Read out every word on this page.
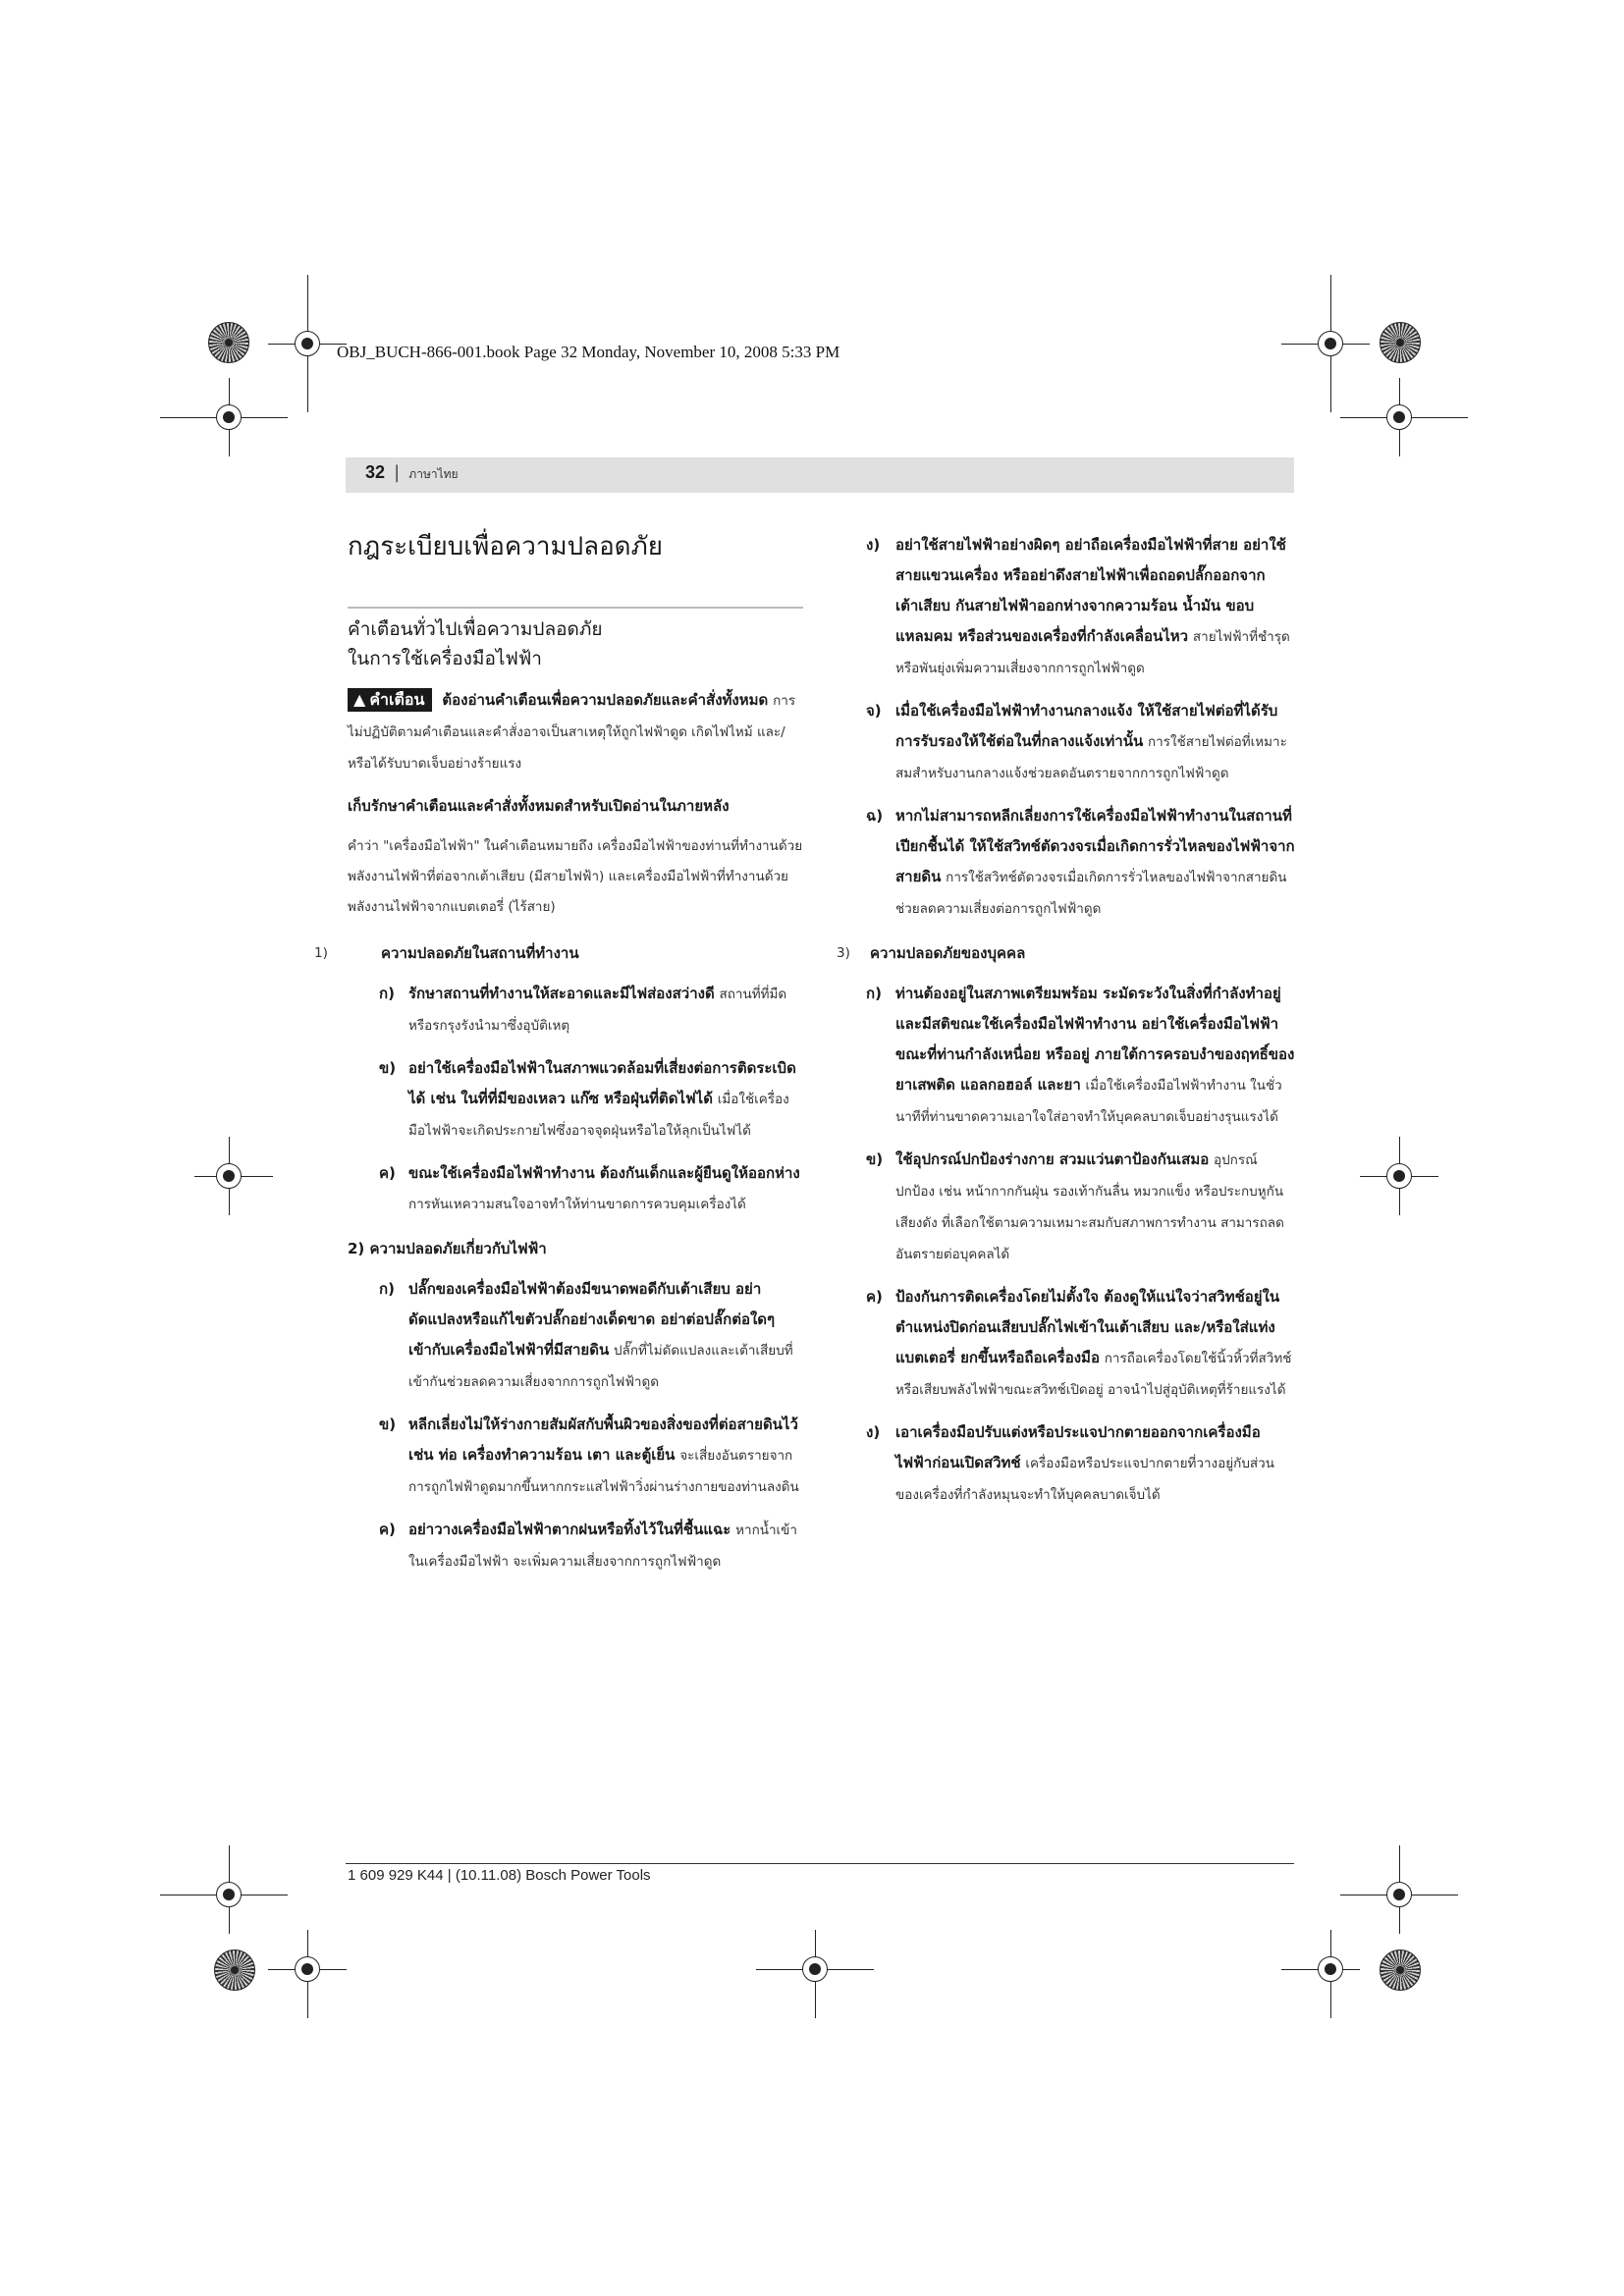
OBJ_BUCH-866-001.book Page 32 Monday, November 10, 2008 5:33 PM
32 | ภาษาไทย
กฎระเบียบเพื่อความปลอดภัย

คำเตือนทั่วไปเพื่อความปลอดภัย

ในการใช้เครื่องมือไฟฟ้า

▲ คำเตือน ต้องอ่านคำเตือนเพื่อความปลอดภัยและคำสั่งทั้งหมด การไม่ปฏิบัติตามคำเตือนและคำสั่งอาจเป็นสาเหตุให้ถูกไฟฟ้าดูด เกิดไฟไหม้ และ/หรือได้รับบาดเจ็บอย่างร้ายแรง

เก็บรักษาคำเตือนและคำสั่งทั้งหมดสำหรับเปิดอ่านในภายหลัง

คำว่า "เครื่องมือไฟฟ้า" ในคำเตือนหมายถึง เครื่องมือไฟฟ้าของท่านที่ทำงานด้วยพลังงานไฟฟ้าที่ต่อจากเต้าเสียบ (มีสายไฟฟ้า) และเครื่องมือไฟฟ้าที่ทำงานด้วยพลังงานไฟฟ้าจากแบตเตอรี่ (ไร้สาย)

1)	ความปลอดภัยในสถานที่ทำงาน
ก) รักษาสถานที่ทำงานให้สะอาดและมีไฟส่องสว่างดี สถานที่ที่มืดหรือรกรุงรังนำมาซึ่งอุบัติเหตุ
ข) อย่าใช้เครื่องมือไฟฟ้าในสภาพแวดล้อมที่เสี่ยงต่อการติดระเบิดได้ เช่น ในที่ที่มีของเหลว แก๊ซ หรือฝุ่นที่ติดไฟได้ เมื่อใช้เครื่องมือไฟฟ้าจะเกิดประกายไฟซึ่งอาจจุดฝุ่นหรือไอให้ลุกเป็นไฟได้
ค) ขณะใช้เครื่องมือไฟฟ้าทำงาน ต้องกันเด็กและผู้ยืนดูให้ออกห่าง การหันเหความสนใจอาจทำให้ท่านขาดการควบคุมเครื่องได้

2) ความปลอดภัยเกี่ยวกับไฟฟ้า

ก) ปลั๊กของเครื่องมือไฟฟ้าต้องมีขนาดพอดีกับเต้าเสียบ อย่าดัดแปลงหรือแก้ไขตัวปลั๊กอย่างเด็ดขาด อย่าต่อปลั๊กต่อใดๆ เข้ากับเครื่องมือไฟฟ้าที่มีสายดิน ปลั๊กที่ไม่ดัดแปลงและเต้าเสียบที่เข้ากันช่วยลดความเสี่ยงจากการถูกไฟฟ้าดูด
ข) หลีกเลี่ยงไม่ให้ร่างกายสัมผัสกับพื้นผิวของสิ่งของที่ต่อสายดินไว้ เช่น ท่อ เครื่องทำความร้อน เตา และตู้เย็น จะเสี่ยงอันตรายจากการถูกไฟฟ้าดูดมากขึ้นหากกระแสไฟฟ้าวิ่งผ่านร่างกายของท่านลงดิน
ค) อย่าวางเครื่องมือไฟฟ้าตากฝนหรือทิ้งไว้ในที่ชื้นแฉะ หากน้ำเข้าในเครื่องมือไฟฟ้า จะเพิ่มความเสี่ยงจากการถูกไฟฟ้าดูด
ง) อย่าใช้สายไฟฟ้าอย่างผิดๆ อย่าถือเครื่องมือไฟฟ้าที่สาย อย่าใช้สายแขวนเครื่อง หรืออย่าดึงสายไฟฟ้าเพื่อถอดปลั๊กออกจากเต้าเสียบ กันสายไฟฟ้าออกห่างจากความร้อน น้ำมัน ขอบแหลมคม หรือส่วนของเครื่องที่กำลังเคลื่อนไหว สายไฟฟ้าที่ชำรุดหรือพันยุ่งเพิ่มความเสี่ยงจากการถูกไฟฟ้าดูด
จ) เมื่อใช้เครื่องมือไฟฟ้าทำงานกลางแจ้ง ให้ใช้สายไฟต่อที่ได้รับการรับรองให้ใช้ต่อในที่กลางแจ้งเท่านั้น การใช้สายไฟต่อที่เหมาะสมสำหรับงานกลางแจ้งช่วยลดอันตรายจากการถูกไฟฟ้าดูด
ฉ) หากไม่สามารถหลีกเลี่ยงการใช้เครื่องมือไฟฟ้าทำงานในสถานที่เปียกชื้นได้ ให้ใช้สวิทช์ตัดวงจรเมื่อเกิดการรั่วไหลของไฟฟ้าจากสายดิน การใช้สวิทช์ตัดวงจรเมื่อเกิดการรั่วไหลของไฟฟ้าจากสายดินช่วยลดความเสี่ยงต่อการถูกไฟฟ้าดูด
3) ความปลอดภัยของบุคคล
ก) ท่านต้องอยู่ในสภาพเตรียมพร้อม ระมัดระวังในสิ่งที่กำลังทำอยู่ และมีสติขณะใช้เครื่องมือไฟฟ้าทำงาน อย่าใช้เครื่องมือไฟฟ้าขณะที่ท่านกำลังเหนื่อย หรืออยู่ ภายใต้การครอบงำของฤทธิ์ของยาเสพติด แอลกอฮอล์ และยา เมื่อใช้เครื่องมือไฟฟ้าทำงาน ในชั่วนาทีที่ท่านขาดความเอาใจใส่อาจทำให้บุคคลบาดเจ็บอย่างรุนแรงได้
ข) ใช้อุปกรณ์ปกป้องร่างกาย สวมแว่นตาป้องกันเสมอ อุปกรณ์ปกป้อง เช่น หน้ากากกันฝุ่น รองเท้ากันลื่น หมวกแข็ง หรือประกบหูกันเสียงดัง ที่เลือกใช้ตามความเหมาะสมกับสภาพการทำงาน สามารถลดอันตรายต่อบุคคลได้
ค) ป้องกันการติดเครื่องโดยไม่ตั้งใจ ต้องดูให้แน่ใจว่าสวิทช์อยู่ในตำแหน่งปิดก่อนเสียบปลั๊กไฟเข้าในเต้าเสียบ และ/หรือใส่แท่งแบตเตอรี่ ยกขึ้นหรือถือเครื่องมือ การถือเครื่องโดยใช้นิ้วหิ้วที่สวิทช์ หรือเสียบพลังไฟฟ้าขณะสวิทช์เปิดอยู่ อาจนำไปสู่อุบัติเหตุที่ร้ายแรงได้
ง) เอาเครื่องมือปรับแต่งหรือประแจปากตายออกจากเครื่องมือไฟฟ้าก่อนเปิดสวิทช์ เครื่องมือหรือประแจปากตายที่วางอยู่กับส่วนของเครื่องที่กำลังหมุนจะทำให้บุคคลบาดเจ็บได้
1 609 929 K44 | (10.11.08) Bosch Power Tools
